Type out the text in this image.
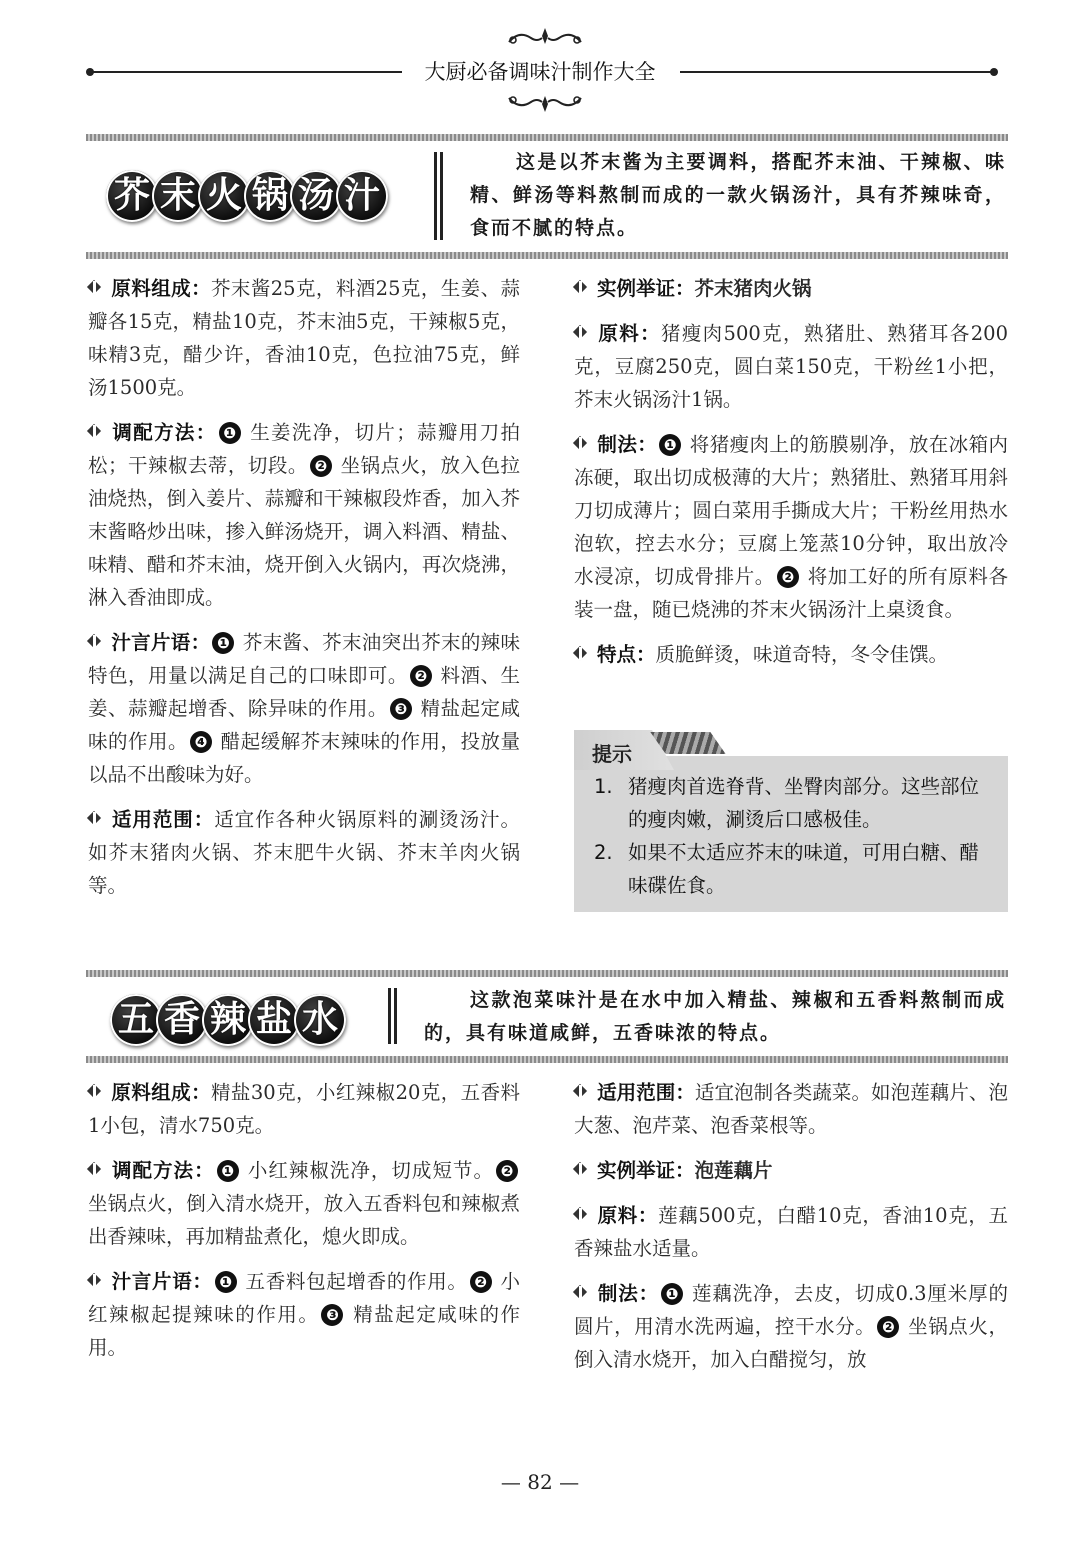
大厨必备调味汁制作大全
芥 末 火 锅 汤 汁
这是以芥末酱为主要调料，搭配芥末油、干辣椒、味精、鲜汤等料熬制而成的一款火锅汤汁，具有芥辣味奇，食而不腻的特点。

原料组成：芥末酱25克，料酒25克，生姜、蒜瓣各15克，精盐10克，芥末油5克，干辣椒5克，味精3克，醋少许，香油10克，色拉油75克，鲜汤1500克。

调配方法： ❶ 生姜洗净，切片；蒜瓣用刀拍松；干辣椒去蒂，切段。 ❷ 坐锅点火，放入色拉油烧热，倒入姜片、蒜瓣和干辣椒段炸香，加入芥末酱略炒出味，掺入鲜汤烧开，调入料酒、精盐、味精、醋和芥末油，烧开倒入火锅内，再次烧沸，淋入香油即成。

汁言片语： ❶ 芥末酱、芥末油突出芥末的辣味特色，用量以满足自己的口味即可。 ❷ 料酒、生姜、蒜瓣起增香、除异味的作用。 ❸ 精盐起定咸味的作用。 ❹ 醋起缓解芥末辣味的作用，投放量以品不出酸味为好。

适用范围：适宜作各种火锅原料的涮烫汤汁。如芥末猪肉火锅、芥末肥牛火锅、芥末羊肉火锅等。

实例举证：芥末猪肉火锅

原料：猪瘦肉500克，熟猪肚、熟猪耳各200克，豆腐250克，圆白菜150克，干粉丝1小把，芥末火锅汤汁1锅。

制法： ❶ 将猪瘦肉上的筋膜剔净，放在冰箱内冻硬，取出切成极薄的大片；熟猪肚、熟猪耳用斜刀切成薄片；圆白菜用手撕成大片；干粉丝用热水泡软，控去水分；豆腐上笼蒸10分钟，取出放冷水浸凉，切成骨排片。 ❷ 将加工好的所有原料各装一盘，随已烧沸的芥末火锅汤汁上桌烫食。

特点：质脆鲜烫，味道奇特，冬令佳馔。

提示
1. 猪瘦肉首选脊背、坐臀肉部分。这些部位的瘦肉嫩，涮烫后口感极佳。
2. 如果不太适应芥末的味道，可用白糖、醋味碟佐食。
五 香 辣 盐 水	这款泡菜味汁是在水中加入精盐、辣椒和五香料熬制而成的，具有味道咸鲜，五香味浓的特点。

原料组成：精盐30克，小红辣椒20克，五香料1小包，清水750克。

调配方法： ❶ 小红辣椒洗净，切成短节。 ❷ 坐锅点火，倒入清水烧开，放入五香料包和辣椒煮出香辣味，再加精盐煮化，熄火即成。

汁言片语： ❶ 五香料包起增香的作用。 ❷ 小红辣椒起提辣味的作用。 ❸ 精盐起定咸味的作用。

适用范围：适宜泡制各类蔬菜。如泡莲藕片、泡大葱、泡芹菜、泡香菜根等。

实例举证：泡莲藕片

原料：莲藕500克，白醋10克，香油10克，五香辣盐水适量。

制法： ❶ 莲藕洗净，去皮，切成0.3厘米厚的圆片，用清水洗两遍，控干水分。 ❷ 坐锅点火，倒入清水烧开，加入白醋搅匀，放

— 82 —
